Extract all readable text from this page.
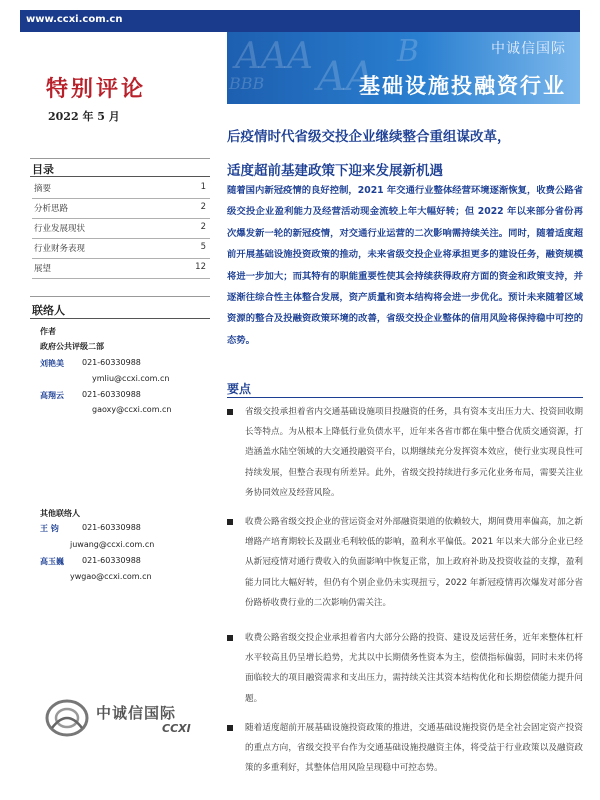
www.ccxi.com.cn
AAA AA
BBB
B	中诚信国际
基础设施投融资行业
特别评论
2022 年 5 月
后疫情时代省级交投企业继续整合重组谋改革，
适度超前基建政策下迎来发展新机遇
目录
摘要	1
分析思路	2
行业发展现状	2
行业财务表现	5
展望	12
联络人
作者
政府公共评级二部
刘艳美 021-60330988
ymliu@ccxi.com.cn
高翔云 021-60330988
gaoxy@ccxi.com.cn
其他联络人
王 钧	021-60330988
juwang@ccxi.com.cn
高玉巍 021-60330988
ywgao@ccxi.com.cn
随着国内新冠疫情的良好控制，2021 年交通行业整体经营环境逐渐恢复，收费公路省级交投企业盈利能力及经营活动现金流较上年大幅好转；但 2022 年以来部分省份再次爆发新一轮的新冠疫情，对交通行业运营的二次影响需持续关注。同时，随着适度超前开展基础设施投资政策的推动，未来省级交投企业将承担更多的建设任务，融资规模将进一步加大；而其特有的职能重要性使其会持续获得政府方面的资金和政策支持，并逐渐往综合性主体整合发展，资产质量和资本结构将会进一步优化。预计未来随着区域资源的整合及投融资政策环境的改善，省级交投企业整体的信用风险将保持稳中可控的态势。
要点
省级交投承担着省内交通基础设施项目投融资的任务，具有资本支出压力大、投资回收期长等特点。为从根本上降低行业负债水平，近年来各省市都在集中整合优质交通资源，打造涵盖水陆空领域的大交通投融资平台，以期继续充分发挥资本效应，使行业实现良性可持续发展，但整合表现有所差异。此外，省级交投持续进行多元化业务布局，需要关注业务协同效应及经营风险。
收费公路省级交投企业的营运资金对外部融资渠道的依赖较大，期间费用率偏高，加之新增路产培育期较长及副业毛利较低的影响，盈利水平偏低。2021 年以来大部分企业已经从新冠疫情对通行费收入的负面影响中恢复正常，加上政府补助及投资收益的支撑，盈利能力同比大幅好转，但仍有个别企业仍未实现扭亏，2022 年新冠疫情再次爆发对部分省份路桥收费行业的二次影响仍需关注。
收费公路省级交投企业承担着省内大部分公路的投资、建设及运营任务，近年来整体杠杆水平较高且仍呈增长趋势，尤其以中长期债务性资本为主，偿债指标偏弱，同时未来仍将面临较大的项目融资需求和支出压力，需持续关注其资本结构优化和长期偿债能力提升问题。
随着适度超前开展基础设施投资政策的推进，交通基础设施投资仍是全社会固定资产投资的重点方向，省级交投平台作为交通基础设施投融资主体，将受益于行业政策以及融资政策的多重利好，其整体信用风险呈现稳中可控态势。
中诚信国际
CCXI
